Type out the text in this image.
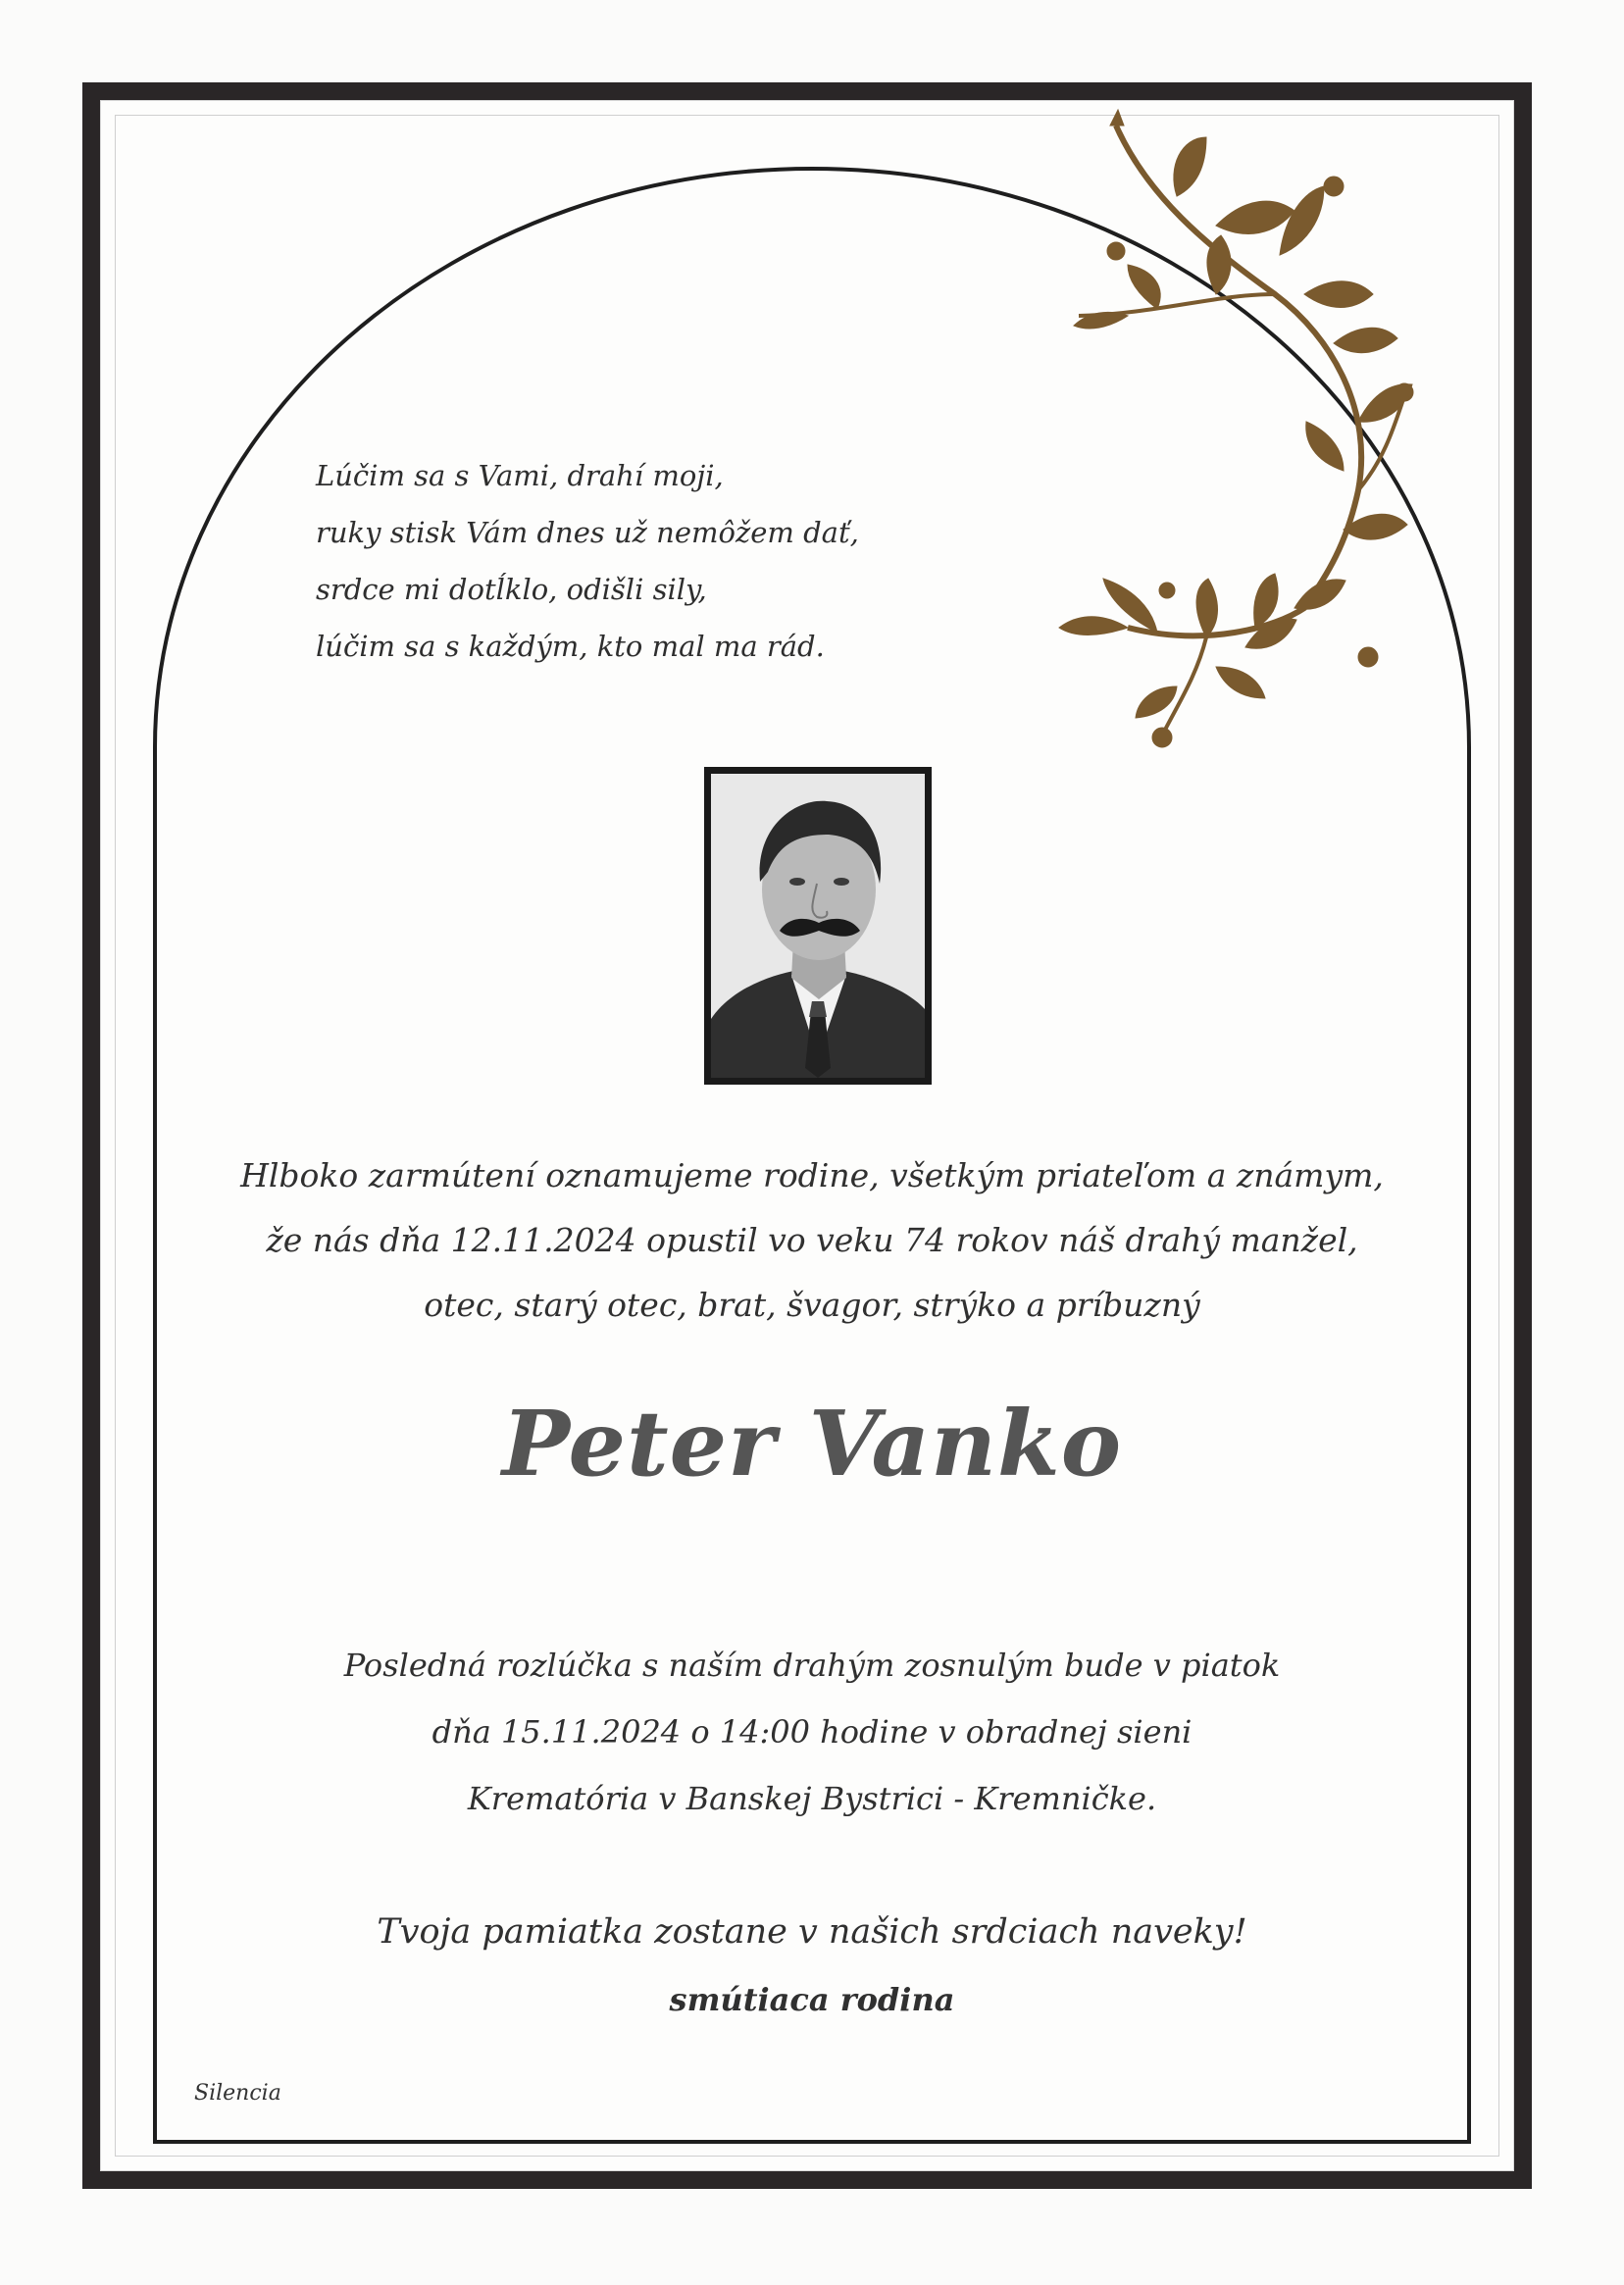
Lúčim sa s Vami, drahí moji,
ruky stisk Vám dnes už nemôžem dať,
srdce mi dotĺklo, odišli sily,
lúčim sa s každým, kto mal ma rád.
Hlboko zarmútení oznamujeme rodine, všetkým priateľom a známym,
že nás dňa 12.11.2024 opustil vo veku 74 rokov náš drahý manžel,
otec, starý otec, brat, švagor, strýko a príbuzný
Peter Vanko
Posledná rozlúčka s naším drahým zosnulým bude v piatok
dňa 15.11.2024 o 14:00 hodine v obradnej sieni
Krematória v Banskej Bystrici - Kremničke.
Tvoja pamiatka zostane v našich srdciach naveky!
smútiaca rodina
Silencia
